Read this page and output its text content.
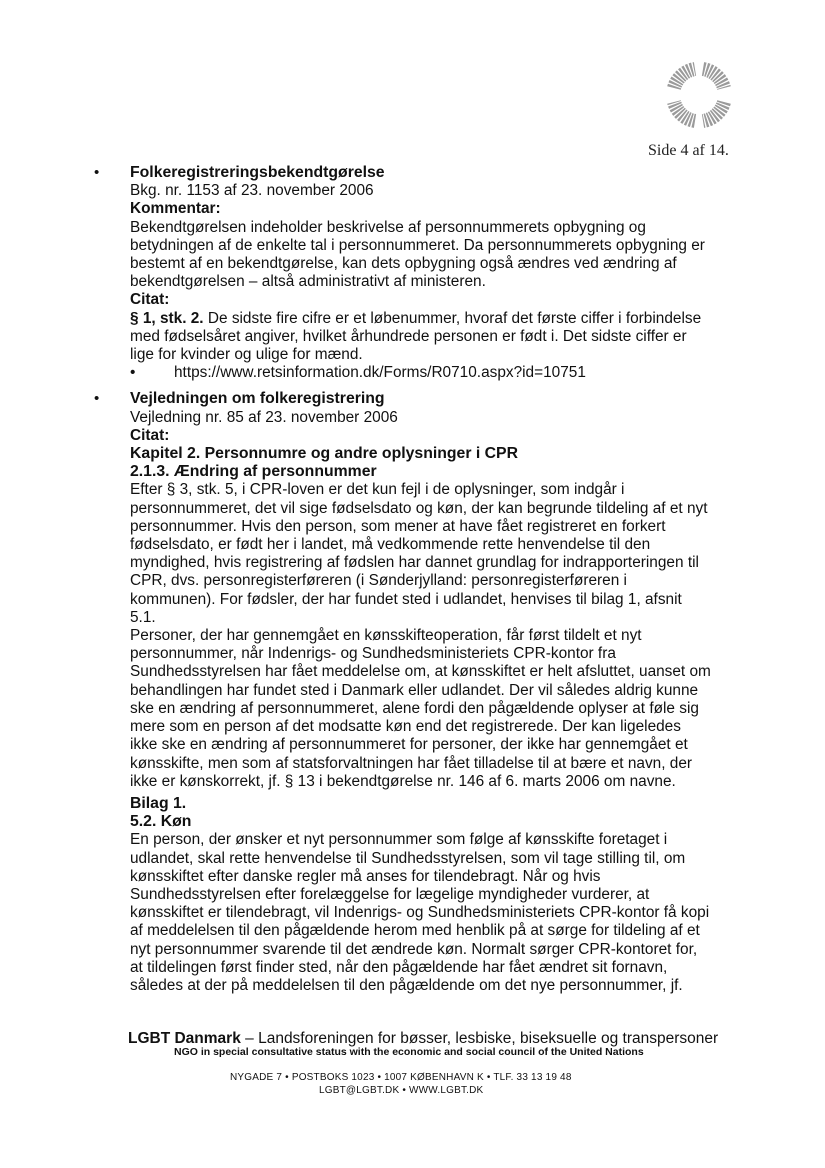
Side 4 af 14.
• Folkeregistreringsbekendtgørelse
Bkg. nr. 1153 af 23. november 2006
Kommentar:
Bekendtgørelsen indeholder beskrivelse af personnummerets opbygning og
betydningen af de enkelte tal i personnummeret. Da personnummerets opbygning er
bestemt af en bekendtgørelse, kan dets opbygning også ændres ved ændring af
bekendtgørelsen – altså administrativt af ministeren.
Citat:
§ 1, stk. 2. De sidste fire cifre er et løbenummer, hvoraf det første ciffer i forbindelse
med fødselsåret angiver, hvilket århundrede personen er født i. Det sidste ciffer er
lige for kvinder og ulige for mænd.
•	https://www.retsinformation.dk/Forms/R0710.aspx?id=10751
• Vejledningen om folkeregistrering
Vejledning nr. 85 af 23. november 2006
Citat:
Kapitel 2. Personnumre og andre oplysninger i CPR
2.1.3. Ændring af personnummer
Efter § 3, stk. 5, i CPR-loven er det kun fejl i de oplysninger, som indgår i
personnummeret, det vil sige fødselsdato og køn, der kan begrunde tildeling af et nyt
personnummer. Hvis den person, som mener at have fået registreret en forkert
fødselsdato, er født her i landet, må vedkommende rette henvendelse til den
myndighed, hvis registrering af fødslen har dannet grundlag for indrapporteringen til
CPR, dvs. personregisterføreren (i Sønderjylland: personregisterføreren i
kommunen). For fødsler, der har fundet sted i udlandet, henvises til bilag 1, afsnit
5.1.
Personer, der har gennemgået en kønsskifteoperation, får først tildelt et nyt
personnummer, når Indenrigs- og Sundhedsministeriets CPR-kontor fra
Sundhedsstyrelsen har fået meddelelse om, at kønsskiftet er helt afsluttet, uanset om
behandlingen har fundet sted i Danmark eller udlandet. Der vil således aldrig kunne
ske en ændring af personnummeret, alene fordi den pågældende oplyser at føle sig
mere som en person af det modsatte køn end det registrerede. Der kan ligeledes
ikke ske en ændring af personnummeret for personer, der ikke har gennemgået et
kønsskifte, men som af statsforvaltningen har fået tilladelse til at bære et navn, der
ikke er kønskorrekt, jf. § 13 i bekendtgørelse nr. 146 af 6. marts 2006 om navne.
Bilag 1.
5.2. Køn
En person, der ønsker et nyt personnummer som følge af kønsskifte foretaget i
udlandet, skal rette henvendelse til Sundhedsstyrelsen, som vil tage stilling til, om
kønsskiftet efter danske regler må anses for tilendebragt. Når og hvis
Sundhedsstyrelsen efter forelæggelse for lægelige myndigheder vurderer, at
kønsskiftet er tilendebragt, vil Indenrigs- og Sundhedsministeriets CPR-kontor få kopi
af meddelelsen til den pågældende herom med henblik på at sørge for tildeling af et
nyt personnummer svarende til det ændrede køn. Normalt sørger CPR-kontoret for,
at tildelingen først finder sted, når den pågældende har fået ændret sit fornavn,
således at der på meddelelsen til den pågældende om det nye personnummer, jf.
LGBT Danmark – Landsforeningen for bøsser, lesbiske, biseksuelle og transpersoner
NGO in special consultative status with the economic and social council of the United Nations
NYGADE 7 • POSTBOKS 1023 • 1007 KØBENHAVN K • TLF. 33 13 19 48
LGBT@LGBT.DK • WWW.LGBT.DK
